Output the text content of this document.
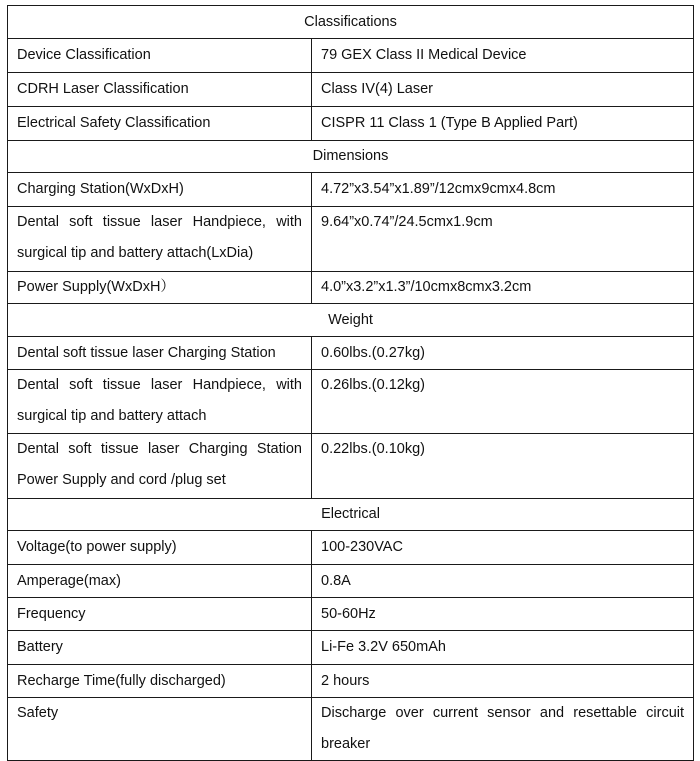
Classifications	
Device Classification	79 GEX Class II Medical Device
CDRH Laser Classification	Class IV(4) Laser
Electrical Safety Classification	CISPR 11 Class 1 (Type B Applied Part)
Dimensions	
Charging Station(WxDxH)	4.72”x3.54”x1.89”/12cmx9cmx4.8cm
Dental soft tissue laser Handpiece, with surgical tip and battery attach(LxDia)	9.64”x0.74”/24.5cmx1.9cm
Power Supply(WxDxH）	4.0”x3.2”x1.3”/10cmx8cmx3.2cm
Weight	
Dental soft tissue laser Charging Station	0.60lbs.(0.27kg)
Dental soft tissue laser Handpiece, with surgical tip and battery attach	0.26lbs.(0.12kg)
Dental soft tissue laser Charging Station Power Supply and cord /plug set	0.22lbs.(0.10kg)
Electrical	
Voltage(to power supply)	100-230VAC
Amperage(max)	0.8A
Frequency	50-60Hz
Battery	Li-Fe 3.2V 650mAh
Recharge Time(fully discharged)	2 hours
Safety	Discharge over current sensor and resettable circuit breaker
